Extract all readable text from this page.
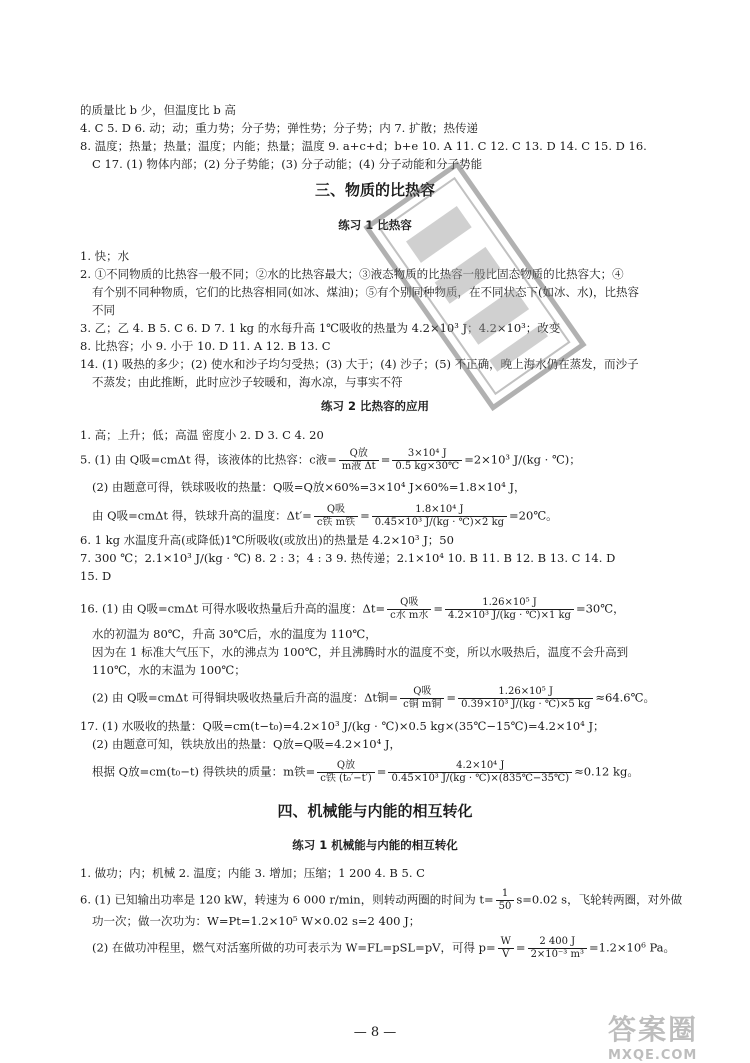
的质量比 b 少，但温度比 b 高
4. C 5. D 6. 动；动；重力势；分子势；弹性势；分子势；内 7. 扩散；热传递
8. 温度；热量；热量；温度；内能；热量；温度 9. a+c+d；b+e 10. A 11. C 12. C 13. D 14. C 15. D 16.
C 17. (1) 物体内部；(2) 分子势能；(3) 分子动能；(4) 分子动能和分子势能
三、物质的比热容
练习 1 比热容
1. 快；水
2. ①不同物质的比热容一般不同；②水的比热容最大；③液态物质的比热容一般比固态物质的比热容大；④
有个别不同种物质，它们的比热容相同(如冰、煤油)；⑤有个别同种物质，在不同状态下(如冰、水)，比热容
不同
3. 乙；乙 4. B 5. C 6. D 7. 1 kg 的水每升高 1℃吸收的热量为 4.2×10³ J；4.2×10³；改变
8. 比热容；小 9. 小于 10. D 11. A 12. B 13. C
14. (1) 吸热的多少；(2) 使水和沙子均匀受热；(3) 大于；(4) 沙子；(5) 不正确，晚上海水仍在蒸发，而沙子
不蒸发；由此推断，此时应沙子较暖和，海水凉，与事实不符
练习 2 比热容的应用
1. 高；上升；低；高温 密度小 2. D 3. C 4. 20
5. (1) 由 Q吸=cmΔt 得，该液体的比热容：c液= $\frac{\text{Q放}}{\text{m液 Δt}} = \frac{\text{3×10⁴ J}}{0.5 kg\times 30℃} =2\times 10^3$ J/(kg · ℃)；
(2) 由题意可得，铁球吸收的热量：Q吸=Q放×60%=3×10⁴ J×60%=1.8×10⁴ J，
由 Q吸=cmΔt 得，铁球升高的温度：$\Delta t'= \frac{\text{Q吸}}{\text{c铁 m铁}} = \frac{\text{1.8×10⁴ J}}{\text{0.45×10³ J/(kg · ℃)×2 kg}}$ =20℃。
6. 1 kg 水温度升高(或降低)1℃所吸收(或放出)的热量是 4.2×10³ J；50
7. 300 ℃；2.1×10³ J/(kg · ℃) 8. 2 : 3；4 : 3 9. 热传递；2.1×10⁴ 10. B 11. B 12. B 13. C 14. D
15. D
16. (1) 由 Q吸=cmΔt 可得水吸收热量后升高的温度：$\Delta t= \frac{\text{Q吸}}{\text{c水 m水}} = \frac{\text{1.26×10⁵ J}}{\text{4.2×10³ J/(kg · ℃)×1 kg}}$ =30℃，
水的初温为 80℃，升高 30℃后，水的温度为 110℃，
因为在 1 标准大气压下，水的沸点为 100℃，并且沸腾时水的温度不变，所以水吸热后，温度不会升高到
110℃，水的末温为 100℃；
(2) 由 Q吸=cmΔt 可得铜块吸收热量后升高的温度：Δt铜= $\frac{\text{Q吸}}{\text{c铜 m铜}} = \frac{\text{1.26×10⁵ J}}{\text{0.39×10³ J/(kg · ℃)×5 kg}}$ ≈64.6℃。
17. (1) 水吸收的热量：Q吸=cm(t−t₀)=4.2×10³ J/(kg · ℃)×0.5 kg×(35℃−15℃)=4.2×10⁴ J；
(2) 由题意可知，铁块放出的热量：Q放=Q吸=4.2×10⁴ J，
根据 Q放=cm(t₀−t) 得铁块的质量：m铁= $\frac{\text{Q放}}{\text{c铁 (t₀′−t′)}} = \frac{\text{4.2×10⁴ J}}{\text{0.45×10³ J/(kg · ℃)×(835℃−35℃)}} \approx 0.12$ kg。
四、机械能与内能的相互转化
练习 1 机械能与内能的相互转化
1. 做功；内；机械 2. 温度；内能 3. 增加；压缩；1 200 4. B 5. C
6. (1) 已知输出功率是 120 kW，转速为 6 000 r/min，则转动两圈的时间为 $t= \frac{1}{50} s=0.02$ s，飞轮转两圈，对外做
功一次；做一次功为：W=Pt=1.2×10⁵ W×0.02 s=2 400 J；
(2) 在做功冲程里，燃气对活塞所做的功可表示为 W=FL=pSL=pV，可得 $p= \frac{W}{V} = \frac{2 400 J}{\text{2×10⁻³ m³}} =1.2\times 10^6$ Pa。
— 8 —	答案圈
MXQE.COM
